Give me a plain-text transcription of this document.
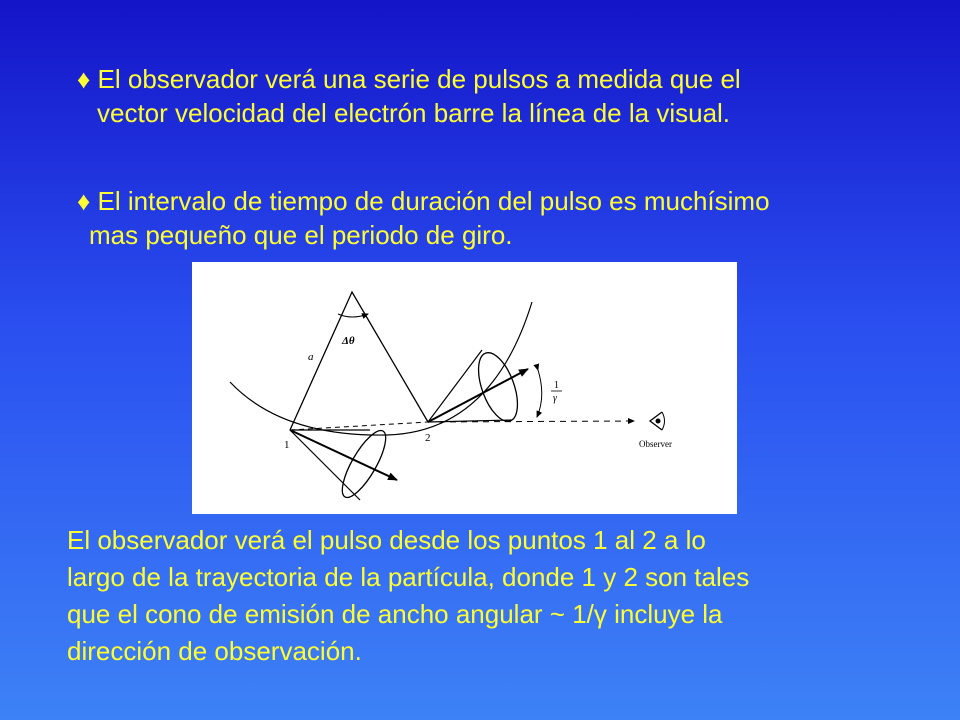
♦ El observador verá una serie de pulsos a medida que el
vector velocidad del electrón barre la línea de la visual.
♦ El intervalo de tiempo de duración del pulso es muchísimo
mas pequeño que el periodo de giro.
a
Δθ
1
2
1
γ
Observer
El observador verá el pulso desde los puntos 1 al 2 a lo
largo de la trayectoria de la partícula, donde 1 y 2 son tales
que el cono de emisión de ancho angular ~ 1/γ incluye la
dirección de observación.
